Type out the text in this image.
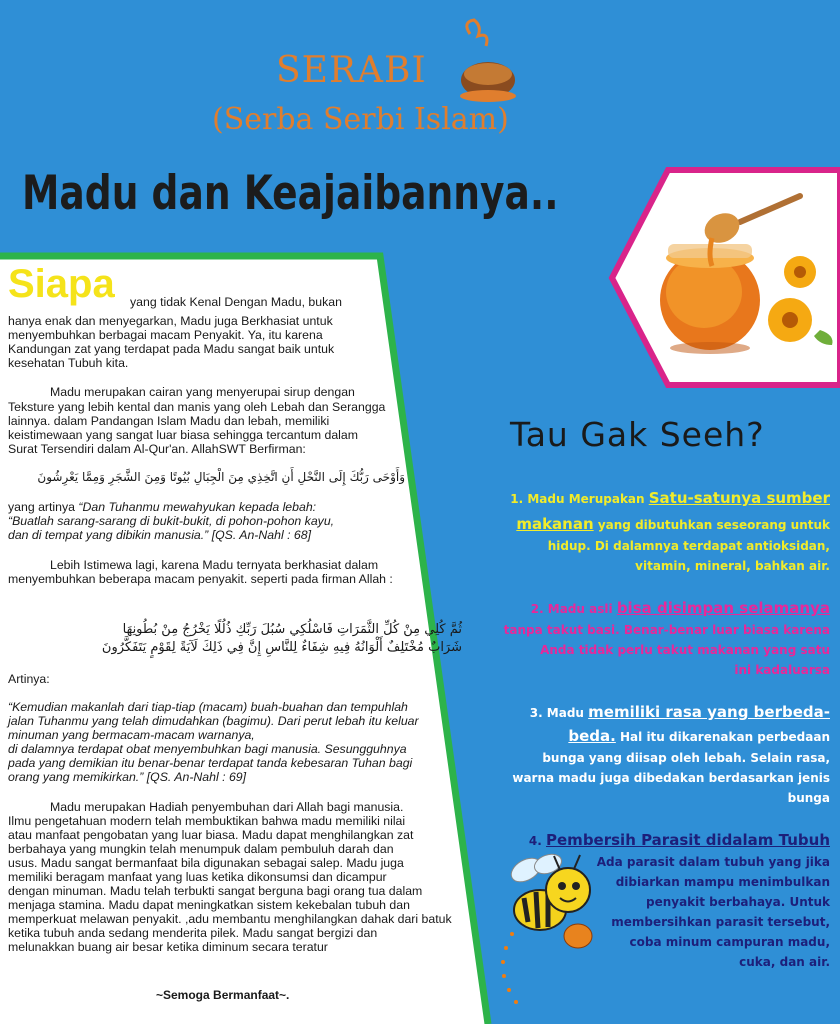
SERABI
(Serba Serbi Islam)
Madu dan Keajaibannya..
Siapa yang tidak Kenal Dengan Madu, bukan
hanya enak dan menyegarkan, Madu juga Berkhasiat untuk
menyembuhkan berbagai macam Penyakit. Ya, itu karena
Kandungan zat yang terdapat pada Madu sangat baik untuk
kesehatan Tubuh kita.
Madu merupakan cairan yang menyerupai sirup dengan
Teksture yang lebih kental dan manis yang oleh Lebah dan Serangga
lainnya. dalam Pandangan Islam Madu dan lebah, memiliki
keistimewaan yang sangat luar biasa sehingga tercantum dalam
Surat Tersendiri dalam Al-Qur'an. AllahSWT Berfirman:
وَأَوْحَى رَبُّكَ إِلَى النَّحْلِ أَنِ اتَّخِذِي مِنَ الْجِبَالِ بُيُوتًا وَمِنَ الشَّجَرِ وَمِمَّا يَعْرِشُونَ
yang artinya “Dan Tuhanmu mewahyukan kepada lebah:
“Buatlah sarang-sarang di bukit-bukit, di pohon-pohon kayu,
dan di tempat yang dibikin manusia.” [QS. An-Nahl : 68]
Lebih Istimewa lagi, karena Madu ternyata berkhasiat dalam
menyembuhkan beberapa macam penyakit. seperti pada firman Allah :
ثُمَّ كُلِي مِنْ كُلِّ الثَّمَرَاتِ فَاسْلُكِي سُبُلَ رَبِّكِ ذُلُلًا يَخْرُجُ مِنْ بُطُونِهَا
شَرَابٌ مُخْتَلِفٌ أَلْوَانُهُ فِيهِ شِفَاءٌ لِلنَّاسِ إِنَّ فِي ذَلِكَ لَآيَةً لِقَوْمٍ يَتَفَكَّرُونَ
Artinya:
“Kemudian makanlah dari tiap-tiap (macam) buah-buahan dan tempuhlah
jalan Tuhanmu yang telah dimudahkan (bagimu). Dari perut lebah itu keluar
minuman yang bermacam-macam warnanya,
di dalamnya terdapat obat menyembuhkan bagi manusia. Sesungguhnya
pada yang demikian itu benar-benar terdapat tanda kebesaran Tuhan bagi
orang yang memikirkan.” [QS. An-Nahl : 69]
Madu merupakan Hadiah penyembuhan dari Allah bagi manusia.
Ilmu pengetahuan modern telah membuktikan bahwa madu memiliki nilai
atau manfaat pengobatan yang luar biasa. Madu dapat menghilangkan zat
berbahaya yang mungkin telah menumpuk dalam pembuluh darah dan
usus. Madu sangat bermanfaat bila digunakan sebagai salep. Madu juga
memiliki beragam manfaat yang luas ketika dikonsumsi dan dicampur
dengan minuman. Madu telah terbukti sangat berguna bagi orang tua dalam
menjaga stamina. Madu dapat meningkatkan sistem kekebalan tubuh dan
memperkuat melawan penyakit. ,adu membantu menghilangkan dahak dari batuk
ketika tubuh anda sedang menderita pilek. Madu sangat bergizi dan
melunakkan buang air besar ketika diminum secara teratur
~Semoga Bermanfaat~.
Tau Gak Seeh?
1. Madu Merupakan Satu-satunya sumber
makanan yang dibutuhkan seseorang untuk
hidup. Di dalamnya terdapat antioksidan,
vitamin, mineral, bahkan air.
2. Madu asli bisa disimpan selamanya
tanpa takut basi. Benar-benar luar biasa karena
Anda tidak perlu takut makanan yang satu
ini kadaluarsa
3. Madu memiliki rasa yang berbeda-
beda. Hal itu dikarenakan perbedaan
bunga yang diisap oleh lebah. Selain rasa,
warna madu juga dibedakan berdasarkan jenis
bunga
4. Pembersih Parasit didalam Tubuh
Ada parasit dalam tubuh yang jika
dibiarkan mampu menimbulkan
penyakit berbahaya. Untuk
membersihkan parasit tersebut,
coba minum campuran madu,
cuka, dan air.
